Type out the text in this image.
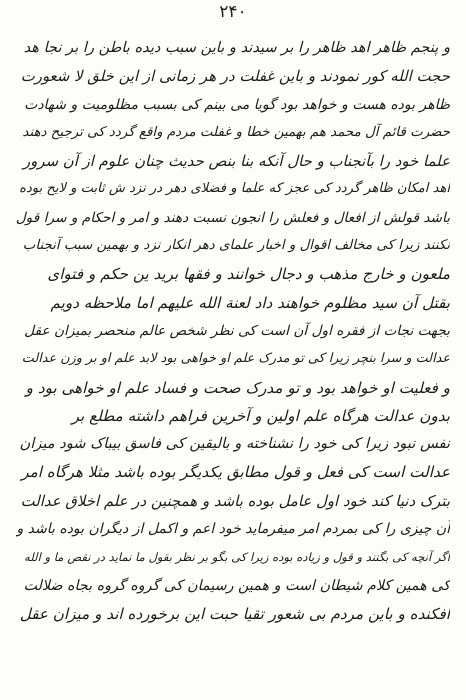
۲۴۰
و پنجم ظاهر اهد ظاهر را بر سیدند و باین سبب دیده باطن را بر نجا هد
حجت الله کور نمودند و باین غفلت در هر زمانی از این خلق لا شعورت
ظاهر بوده هست و خواهد بود گویا می بینم کی بسبب مظلومیت و شهادت
حضرت قائم آل محمد هم بهمین خطا و غفلت مردم واقع گردد کی ترجیح دهند
علما خود را بآنجناب و حال آنکه بنا بنص حدیث چنان علوم از آن سرور
اهد امکان ظاهر گردد کی عجز که علما و فضلای دهر در نزد ش ثابت و لایح بوده
باشد قولش از افعال و فعلش را انجون نسبت دهند و امر و احکام و سرا قول
نکنند زیرا کی مخالف اقوال و اخبار علمای دهر انکار نزد و بهمین سبب آنجناب
ملعون و خارج مذهب و دجال خوانند و فقها برید ین حکم و فتوای
بقتل آن سید مظلوم خواهند داد لعنة الله علیهم اما ملاحظه دویم
بجهت نجات از فقره اول آن است کی نظر شخص عالم منحصر بمیزان عقل
عدالت و سرا بنچر زیرا کی تو مدرک علم او خواهی بود لابد علم او بر وزن عدالت
و فعلیت او خواهد بود و تو مدرک صحت و فساد علم او خواهی بود و
بدون عدالت هرگاه علم اولین و آخرین فراهم داشته مطلع بر
نفس نبود زیرا کی خود را نشناخته و بالیقین کی فاسق بیباک شود میزان
عدالت است کی فعل و قول مطابق یکدیگر بوده باشد مثلا هرگاه امر
بترک دنیا کند خود اول عامل بوده باشد و همچنین در علم اخلاق عدالت
آن چیزی را کی بمردم امر میفرماید خود اعم و اکمل از دیگران بوده باشد و
اگر آنچه کی بگنند و قول و زیاده بوده زیرا کی بگو بر نظر بقول ما نماید در نقص ما و الله
کی همین کلام شیطان است و همین رسیمان کی گروه گروه بجاه ضلالت
افکنده و باین مردم بی شعور تقیا حبت این برخورده اند و میزان عقل
